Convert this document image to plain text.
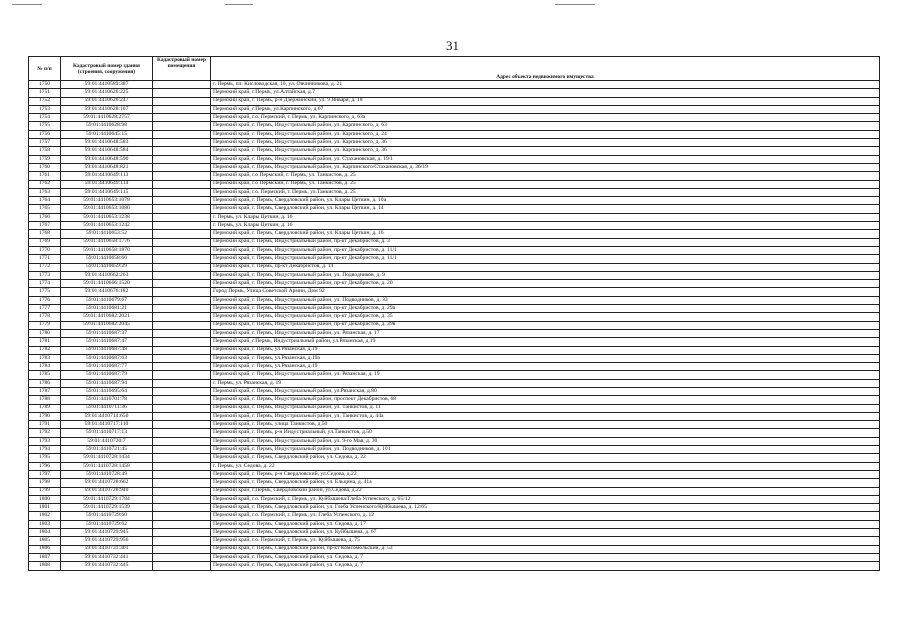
31
№ п/п	Кадастровый номер здания (строения, сооружения)	Кадастровый номер помещения	
			Адрес объекта недвижимого имущества
1750	59:01:4410589:387		г. Пермь, пл. Кисловодская, 10, ул. Овчинникова, д. 21
1751	59:01:4410626:225		Пермский край, г.Пермь, ул.Алтайская, д.7
1752	59:01:4410626:247		Пермский край, г. Пермь, р-н Дзержинский, ул. 9 Января, д. 18
1753	59:01:4410628:107		Пермский край, г.Пермь, ул.Карпинского, д.67
1754	59:01:4410628:2757		Пермский край, г.о. Пермский, г. Пермь, ул. Карпинского, д. 63а
1755	59:01:4410628:98		Пермский край, г. Пермь, Индустриальный район, ул. Карпинского, д. 63
1756	59:01:4410645:15		Пермский край, г. Пермь, Индустриальный район, ул. Карпинского, д. 24
1757	59:01:4410648:583		Пермский край, г. Пермь, Индустриальный район, ул. Карпинского, д. 36
1758	59:01:4410648:584		Пермский край, г. Пермь, Индустриальный район, ул. Карпинского, д. 36
1759	59:01:4410648:590		Пермский край, г. Пермь, Индустриальный район, ул. Стахановская, д. 19/1
1760	59:01:4410648:821		Пермский край, г. Пермь, Индустриальный район, ул. Карпинского/Стахановская, д. 36/19
1761	59:01:4410649:113		Пермский край, г.о Пермский, г. Пермь, ул. Танкистов, д. 25
1762	59:01:4410649:114		Пермский край, г.о Пермский, г. Пермь, ул. Танкистов, д. 25
1763	59:01:4410649:115		Пермский край, г.о. Пермский, г. Пермь, ул.Танкистов, д. 25
1764	59:01:4410653:1078		Пермский край, г. Пермь, Свердловский район, ул. Клары Цеткин, д. 10а
1765	59:01:4410653:1080		Пермский край, г. Пермь, Свердловский район, ул. Клары Цеткин, д. 14
1766	59:01:4410653:1238		г. Пермь, ул. Клары Цеткин, д. 16
1767	59:01:4410653:1242		г. Пермь, ул. Клары Цеткин, д. 16
1768	59:01:4410653:52		Пермский край, г. Пермь, Свердловский район, ул. Клары Цеткин, д. 16
1769	59:01:4410658:1776		Пермский край, г. Пермь, Индустриальный район, пр-кт Декабристов, д. 3
1770	59:01:4410658:1870		Пермский край, г. Пермь, Индустриальный район, пр-кт Декабристов, д. 11/1
1771	59:01:4410658:60		Пермский край, г. Пермь, Индустриальный район, пр-кт Декабристов, д. 11/1
1772	59:01:4410659:29		Пермский край, г. Пермь, пр-кт Декабристов, д. 14
1773	59:01:4410662:263		Пермский край, г. Пермь, Индустриальный район, ул. Подводников, д. 9
1774	59:01:4410666:1520		Пермский край, г. Пермь, Индустриальный район, пр-кт Декабристов, д. 20
1775	59:01:4410676:182		Город Пермь, Улица Советской Армии, Дом 92
1776	59:01:4410679:67		Пермский край, г. Пермь, Индустриальный район, ул. Подводников, д. 33
1777	59:01:4410681:21		Пермский край, г. Пермь, Индустриальный район, пр-кт Декабристов, д. 29а
1778	59:01:4410682:2021		Пермский край, г. Пермь, Индустриальный район, пр-кт Декабристов, д. 35
1779	59:01:4410682:2045		Пермский край, г. Пермь, Индустриальный район, пр-кт Декабристов, д. 39в
1780	59:01:4410687:37		Пермский край, г. Пермь, Индустриальный район, ул. Рязанская, д. 17
1781	59:01:4410687:47		Пермский край, г.Пермь, Индустриальный район, ул.Рязанская, д.19
1782	59:01:4410687:48		Пермский край, г. Пермь, ул.Рязанская, д.19
1783	59:01:4410687:63		Пермский край, г. Пермь, ул.Рязанская, д.19а
1784	59:01:4410687:77		Пермский край, г. Пермь, ул.Рязанская, д.19
1785	59:01:4410687:79		Пермский край, г. Пермь, Индустриальный район, ул. Рязанская, д. 19
1786	59:01:4410687:94		г. Пермь, ул. Рязанская, д. 19
1787	59:01:4410695:64		Пермский край, г. Пермь, Индустриальный район, ул.Рязанская, д.80
1788	59:01:4410701:78		Пермский край, г. Пермь, Индустриальный район, проспект Декабристов, 68
1789	59:01:4410711:36		Пермский край, г. Пермь, Индустриальный район, ул. Танкистов, д. 11
1790	59:01:4410714:650		Пермский край, г. Пермь, Индустриальный район, ул. Танкистов, д. 44а
1791	59:01:4410717:110		Пермский край, г. Пермь, улица Танкистов, д.50
1792	59:01:4410717:13		Пермский край, г. Пермь, р-н Индустриальный, ул.Танкистов, д.50
1793	59:01:4410720:7		Пермский край, г. Пермь, Индустриальный район, ул. 9-го Мая, д. 30
1794	59:01:4410721:45		Пермский край, г. Пермь, Индустриальный район, ул. Подводников, д. 101
1795	59:01:4410728:1434		Пермский край, г. Пермь, Свердловский район, ул. Седова, д. 22
1796	59:01:4410728:1458		г. Пермь, ул. Седова, д. 22
1797	59:01:4410728:49		Пермский край, г. Пермь, р-н Свердловский, ул.Седова, д.22
1798	59:01:4410728:662		Пермский край, г. Пермь, Свердловский район, ул. Ельцина, д. 41а
1799	59:01:4410728:940		Пермский край, г.Пермь, Свердловский район, ул.Седова, д.22
1800	59:01:4410729:1784		Пермский край, г.о. Пермский, г. Пермь, ул. Куйбышева/Глеба Успенского, д. 65/12
1801	59:01:4410729:1539		Пермский край, г. Пермь, Свердловский район, ул. Глеба Успенского/Куйбышева, д. 12/65
1802	59:01:4410729:60		Пермский край, г.о. Пермский, г. Пермь, ул. Глеба Успенского, д. 12
1803	59:01:4410729:62		Пермский край, г. Пермь, Свердловский район, ул. Седова, д. 17
1804	59:01:4410729:945		Пермский край, г. Пермь, Свердловский район, ул. Куйбышева, д. 67
1805	59:01:4410729:956		Пермский край, г.о. Пермский, г. Пермь, ул. Куйбышева, д. 75
1806	59:01:4410731:301		Пермский край, г. Пермь, Свердловский район, пр-кт Комсомольский, д. 53
1807	59:01:4410732:441		Пермский край, г. Пермь, Свердловский район, ул. Седова, д. 7
1808	59:01:4410732:445		Пермский край, г. Пермь, Свердловский район, ул. Седова, д. 7
